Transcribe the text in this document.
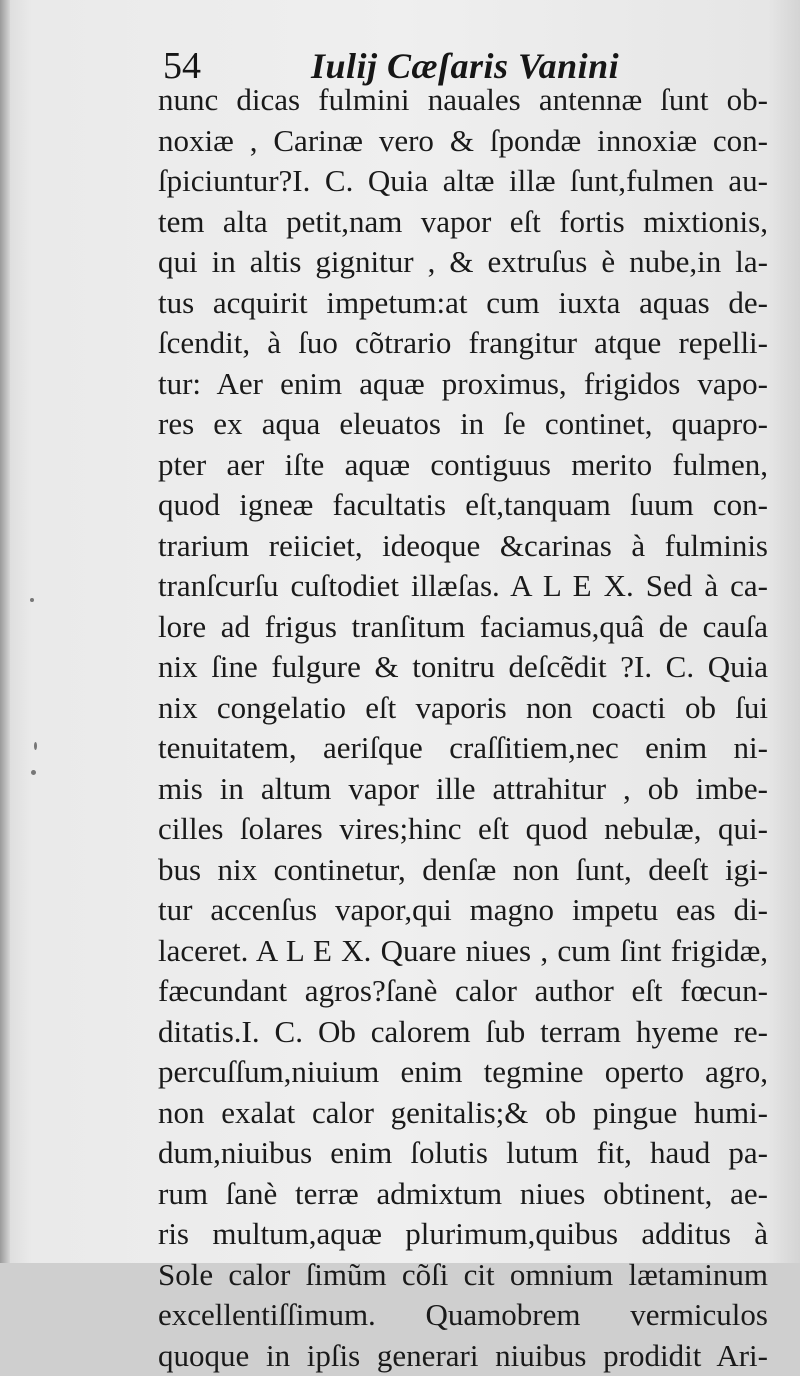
54	Iulij Cæſaris Vanini
nunc dicas fulmini nauales antennæ ſunt ob-
noxiæ , Carinæ vero & ſpondæ innoxiæ con-
ſpiciuntur?I. C. Quia altæ illæ ſunt,fulmen au-
tem alta petit,nam vapor eſt fortis mixtionis,
qui in altis gignitur , & extruſus è nube,in la-
tus acquirit impetum:at cum iuxta aquas de-
ſcendit, à ſuo cõtrario frangitur atque repelli-
tur: Aer enim aquæ proximus, frigidos vapo-
res ex aqua eleuatos in ſe continet, quapro-
pter aer iſte aquæ contiguus merito fulmen,
quod igneæ facultatis eſt,tanquam ſuum con-
trarium reiiciet, ideoque &carinas à fulminis
tranſcurſu cuſtodiet illæſas. A L E X. Sed à ca-
lore ad frigus tranſitum faciamus,quâ de cauſa
nix ſine fulgure & tonitru deſcẽdit ?I. C. Quia
nix congelatio eſt vaporis non coacti ob ſui
tenuitatem, aeriſque craſſitiem,nec enim ni-
mis in altum vapor ille attrahitur , ob imbe-
cilles ſolares vires;hinc eſt quod nebulæ, qui-
bus nix continetur, denſæ non ſunt, deeſt igi-
tur accenſus vapor,qui magno impetu eas di-
laceret. A L E X. Quare niues , cum ſint frigidæ,
fæcundant agros?ſanè calor author eſt fœcun-
ditatis.I. C. Ob calorem ſub terram hyeme re-
percuſſum,niuium enim tegmine operto agro,
non exalat calor genitalis;& ob pingue humi-
dum,niuibus enim ſolutis lutum fit, haud pa-
rum ſanè terræ admixtum niues obtinent, ae-
ris multum,aquæ plurimum,quibus additus à
Sole calor ſimũm cõſi cit omnium lætaminum
excellentiſſimum. Quamobrem vermiculos
quoque in ipſis generari niuibus prodidit Ari-
